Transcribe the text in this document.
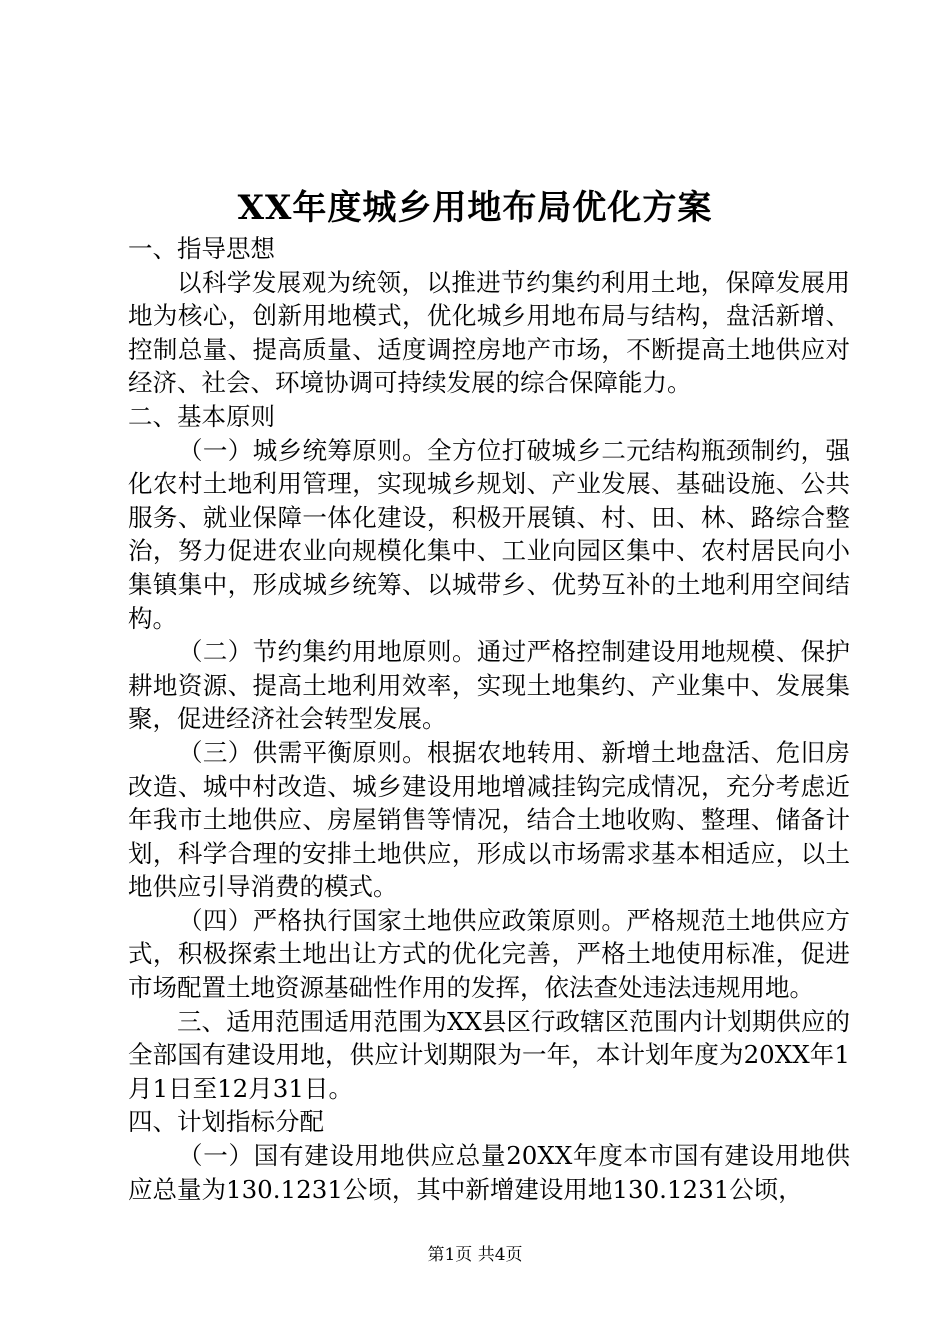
XX年度城乡用地布局优化方案

一、指导思想

以科学发展观为统领，以推进节约集约利用土地，保障发展用地为核心，创新用地模式，优化城乡用地布局与结构，盘活新增、控制总量、提高质量、适度调控房地产市场，不断提高土地供应对经济、社会、环境协调可持续发展的综合保障能力。

二、基本原则

（一）城乡统筹原则。全方位打破城乡二元结构瓶颈制约，强化农村土地利用管理，实现城乡规划、产业发展、基础设施、公共服务、就业保障一体化建设，积极开展镇、村、田、林、路综合整治，努力促进农业向规模化集中、工业向园区集中、农村居民向小集镇集中，形成城乡统筹、以城带乡、优势互补的土地利用空间结构。

（二）节约集约用地原则。通过严格控制建设用地规模、保护耕地资源、提高土地利用效率，实现土地集约、产业集中、发展集聚，促进经济社会转型发展。

（三）供需平衡原则。根据农地转用、新增土地盘活、危旧房改造、城中村改造、城乡建设用地增减挂钩完成情况，充分考虑近年我市土地供应、房屋销售等情况，结合土地收购、整理、储备计划，科学合理的安排土地供应，形成以市场需求基本相适应，以土地供应引导消费的模式。

（四）严格执行国家土地供应政策原则。严格规范土地供应方式，积极探索土地出让方式的优化完善，严格土地使用标准，促进市场配置土地资源基础性作用的发挥，依法查处违法违规用地。

三、适用范围适用范围为XX县区行政辖区范围内计划期供应的全部国有建设用地，供应计划期限为一年，本计划年度为20XX年1月1日至12月31日。

四、计划指标分配

（一）国有建设用地供应总量20XX年度本市国有建设用地供应总量为130.1231公顷，其中新增建设用地130.1231公顷，

第1页 共4页
